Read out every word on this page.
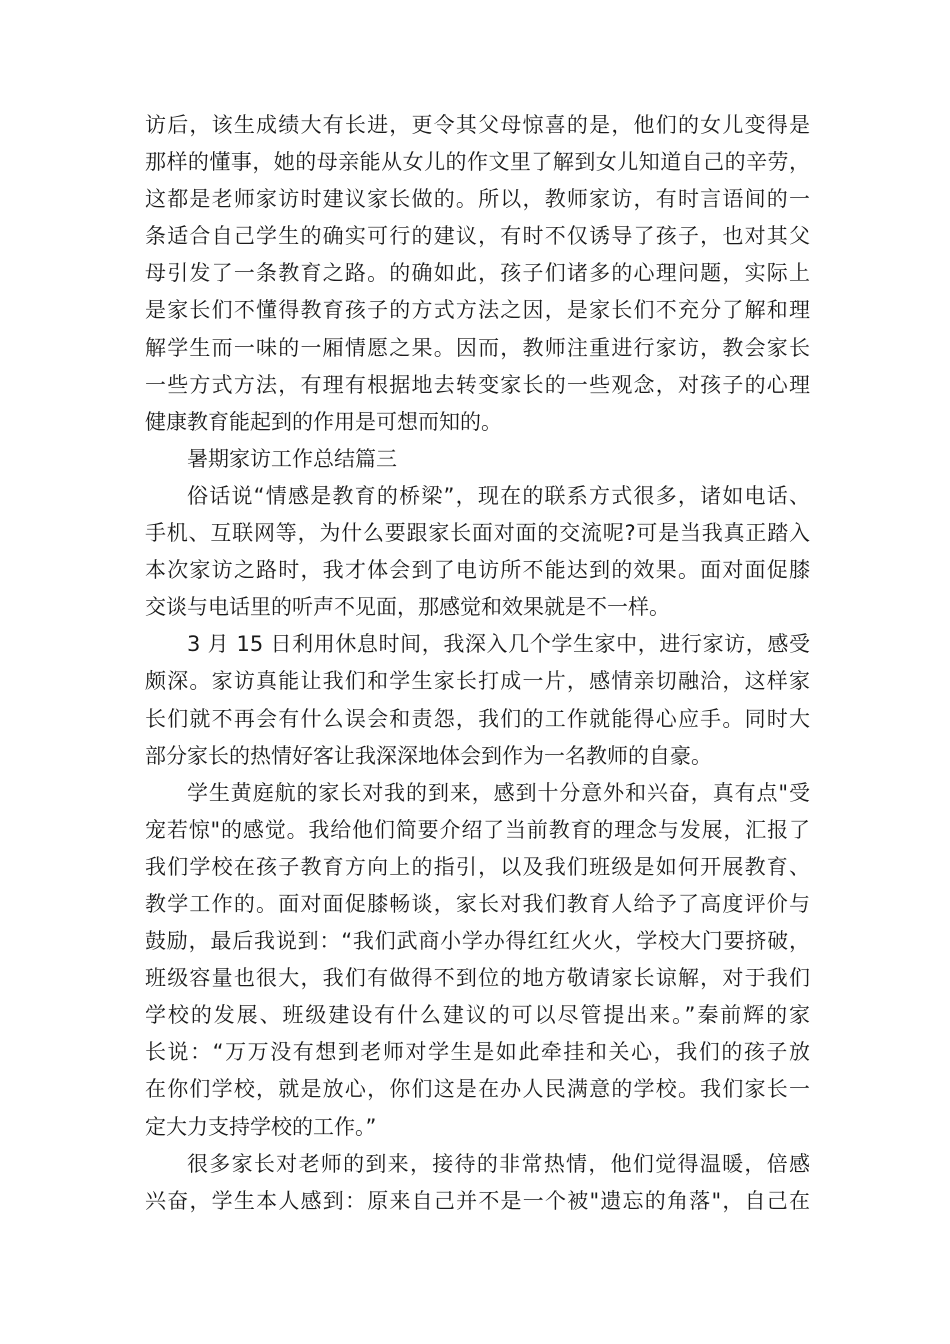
访后，该生成绩大有长进，更令其父母惊喜的是，他们的女儿变得是
那样的懂事，她的母亲能从女儿的作文里了解到女儿知道自己的辛劳，
这都是老师家访时建议家长做的。所以，教师家访，有时言语间的一
条适合自己学生的确实可行的建议，有时不仅诱导了孩子，也对其父
母引发了一条教育之路。的确如此，孩子们诸多的心理问题，实际上
是家长们不懂得教育孩子的方式方法之因，是家长们不充分了解和理
解学生而一味的一厢情愿之果。因而，教师注重进行家访，教会家长
一些方式方法，有理有根据地去转变家长的一些观念，对孩子的心理
健康教育能起到的作用是可想而知的。
暑期家访工作总结篇三
俗话说“情感是教育的桥梁”，现在的联系方式很多，诸如电话、
手机、互联网等，为什么要跟家长面对面的交流呢?可是当我真正踏入
本次家访之路时，我才体会到了电访所不能达到的效果。面对面促膝
交谈与电话里的听声不见面，那感觉和效果就是不一样。
3 月 15 日利用休息时间，我深入几个学生家中，进行家访，感受
颇深。家访真能让我们和学生家长打成一片，感情亲切融洽，这样家
长们就不再会有什么误会和责怨，我们的工作就能得心应手。同时大
部分家长的热情好客让我深深地体会到作为一名教师的自豪。
学生黄庭航的家长对我的到来，感到十分意外和兴奋，真有点"受
宠若惊"的感觉。我给他们简要介绍了当前教育的理念与发展，汇报了
我们学校在孩子教育方向上的指引，以及我们班级是如何开展教育、
教学工作的。面对面促膝畅谈，家长对我们教育人给予了高度评价与
鼓励，最后我说到：“我们武商小学办得红红火火，学校大门要挤破，
班级容量也很大，我们有做得不到位的地方敬请家长谅解，对于我们
学校的发展、班级建设有什么建议的可以尽管提出来。”秦前辉的家
长说：“万万没有想到老师对学生是如此牵挂和关心，我们的孩子放
在你们学校，就是放心，你们这是在办人民满意的学校。我们家长一
定大力支持学校的工作。”
很多家长对老师的到来，接待的非常热情，他们觉得温暖，倍感
兴奋，学生本人感到：原来自己并不是一个被"遗忘的角落"，自己在
